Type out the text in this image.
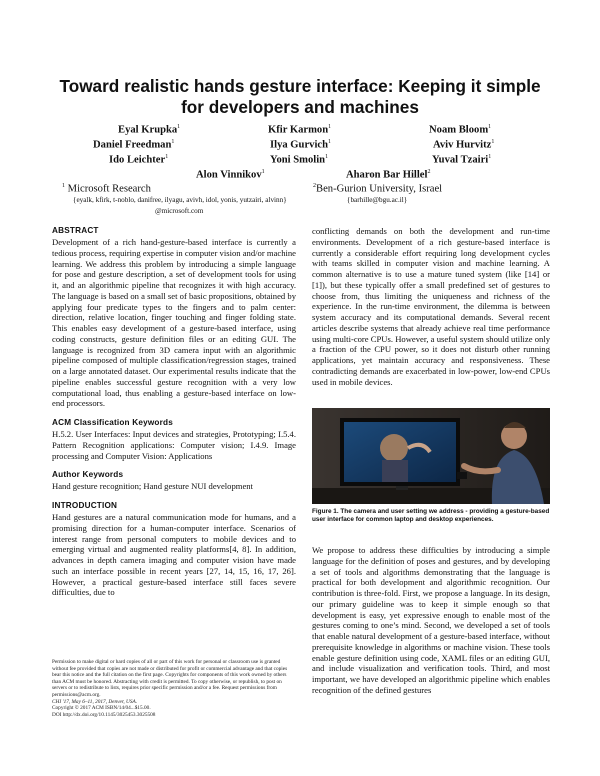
Toward realistic hands gesture interface: Keeping it simple
for developers and machines
Eyal Krupka$^1$	Kfir Karmon$^1$	Noam Bloom$^1$
Daniel Freedman$^1$	Ilya Gurvich$^1$	Aviv Hurvitz$^1$
Ido Leichter$^1$	Yoni Smolin$^1$	Yuval Tzairi$^1$
Alon Vinnikov$^1$	Aharon Bar Hillel$^2$
$^1$ Microsoft Research
{eyalk, kfirk, t-noblo, danifree, ilyagu, avivh, idol, yonis, yutzairi, alvinn}
@microsoft.com
$^2$Ben-Gurion University, Israel
{barhille@bgu.ac.il}
ABSTRACT

Development of a rich hand-gesture-based interface is currently a tedious process, requiring expertise in computer vision and/or machine learning. We address this problem by introducing a simple language for pose and gesture description, a set of development tools for using it, and an algorithmic pipeline that recognizes it with high accuracy. The language is based on a small set of basic propositions, obtained by applying four predicate types to the fingers and to palm center: direction, relative location, finger touching and finger folding state. This enables easy development of a gesture-based interface, using coding constructs, gesture definition files or an editing GUI. The language is recognized from 3D camera input with an algorithmic pipeline composed of multiple classification/regression stages, trained on a large annotated dataset. Our experimental results indicate that the pipeline enables successful gesture recognition with a very low computational load, thus enabling a gesture-based interface on low-end processors.

ACM Classification Keywords

H.5.2. User Interfaces: Input devices and strategies, Prototyping; I.5.4. Pattern Recognition applications: Computer vision; I.4.9. Image processing and Computer Vision: Applications

Author Keywords

Hand gesture recognition; Hand gesture NUI development

INTRODUCTION

Hand gestures are a natural communication mode for humans, and a promising direction for a human-computer interface. Scenarios of interest range from personal computers to mobile devices and to emerging virtual and augmented reality platforms[4, 8]. In addition, advances in depth camera imaging and computer vision have made such an interface possible in recent years [27, 14, 15, 16, 17, 26]. However, a practical gesture-based interface still faces severe difficulties, due to

conflicting demands on both the development and run-time environments. Development of a rich gesture-based interface is currently a considerable effort requiring long development cycles with teams skilled in computer vision and machine learning. A common alternative is to use a mature tuned system (like [14] or [1]), but these typically offer a small predefined set of gestures to choose from, thus limiting the uniqueness and richness of the experience. In the run-time environment, the dilemma is between system accuracy and its computational demands. Several recent articles describe systems that already achieve real time performance using multi-core CPUs. However, a useful system should utilize only a fraction of the CPU power, so it does not disturb other running applications, yet maintain accuracy and responsiveness. These contradicting demands are exacerbated in low-power, low-end CPUs used in mobile devices.

Figure 1. The camera and user setting we address - providing a gesture-based user interface for common laptop and desktop experiences.

We propose to address these difficulties by introducing a simple language for the definition of poses and gestures, and by developing a set of tools and algorithms demonstrating that the language is practical for both development and algorithmic recognition. Our contribution is three-fold. First, we propose a language. In its design, our primary guideline was to keep it simple enough so that development is easy, yet expressive enough to enable most of the gestures coming to one’s mind. Second, we developed a set of tools that enable natural development of a gesture-based interface, without prerequisite knowledge in algorithms or machine vision. These tools enable gesture definition using code, XAML files or an editing GUI, and include visualization and verification tools. Third, and most important, we have developed an algorithmic pipeline which enables recognition of the defined gestures

Permission to make digital or hard copies of all or part of this work for personal or classroom use is granted without fee provided that copies are not made or distributed for profit or commercial advantage and that copies bear this notice and the full citation on the first page. Copyrights for components of this work owned by others than ACM must be honored. Abstracting with credit is permitted. To copy otherwise, or republish, to post on servers or to redistribute to lists, requires prior specific permission and/or a fee. Request permissions from permissions@acm.org.
CHI '17, May 6–11, 2017, Denver, USA.
Copyright © 2017 ACM ISBN/14/04...$15.00.
DOI http://dx.doi.org/10.1145/3025453.3025508
